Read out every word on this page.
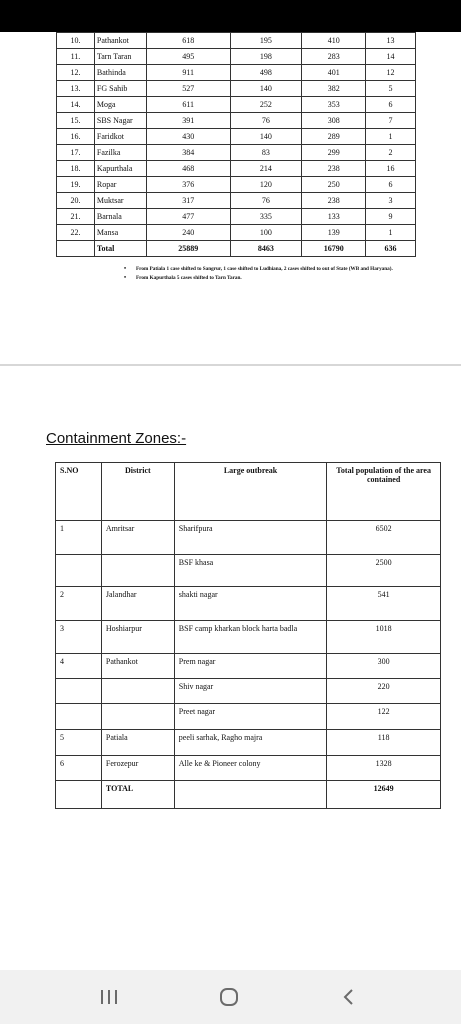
10.	Pathankot	618	195	410	13
11.	Tarn Taran	495	198	283	14
12.	Bathinda	911	498	401	12
13.	FG Sahib	527	140	382	5
14.	Moga	611	252	353	6
15.	SBS Nagar	391	76	308	7
16.	Faridkot	430	140	289	1
17.	Fazilka	384	83	299	2
18.	Kapurthala	468	214	238	16
19.	Ropar	376	120	250	6
20.	Muktsar	317	76	238	3
21.	Barnala	477	335	133	9
22.	Mansa	240	100	139	1
	Total	25889	8463	16790	636
• From Patiala 1 case shifted to Sangrur, 1 case shifted to Ludhiana, 2 cases shifted to out of State (WB and Haryana).
• From Kapurthala 5 cases shifted to Tarn Taran.
Containment Zones:-
S.NO	District	Large outbreak	Total population of the area contained
1	Amritsar	Sharifpura	6502
		BSF khasa	2500
2	Jalandhar	shakti nagar	541
3	Hoshiarpur	BSF camp kharkan block harta badla	1018
4	Pathankot	Prem nagar	300
		Shiv nagar	220
		Preet nagar	122
5	Patiala	peeli sarhak, Ragho majra	118
6	Ferozepur	Alle ke & Pioneer colony	1328
	TOTAL		12649
